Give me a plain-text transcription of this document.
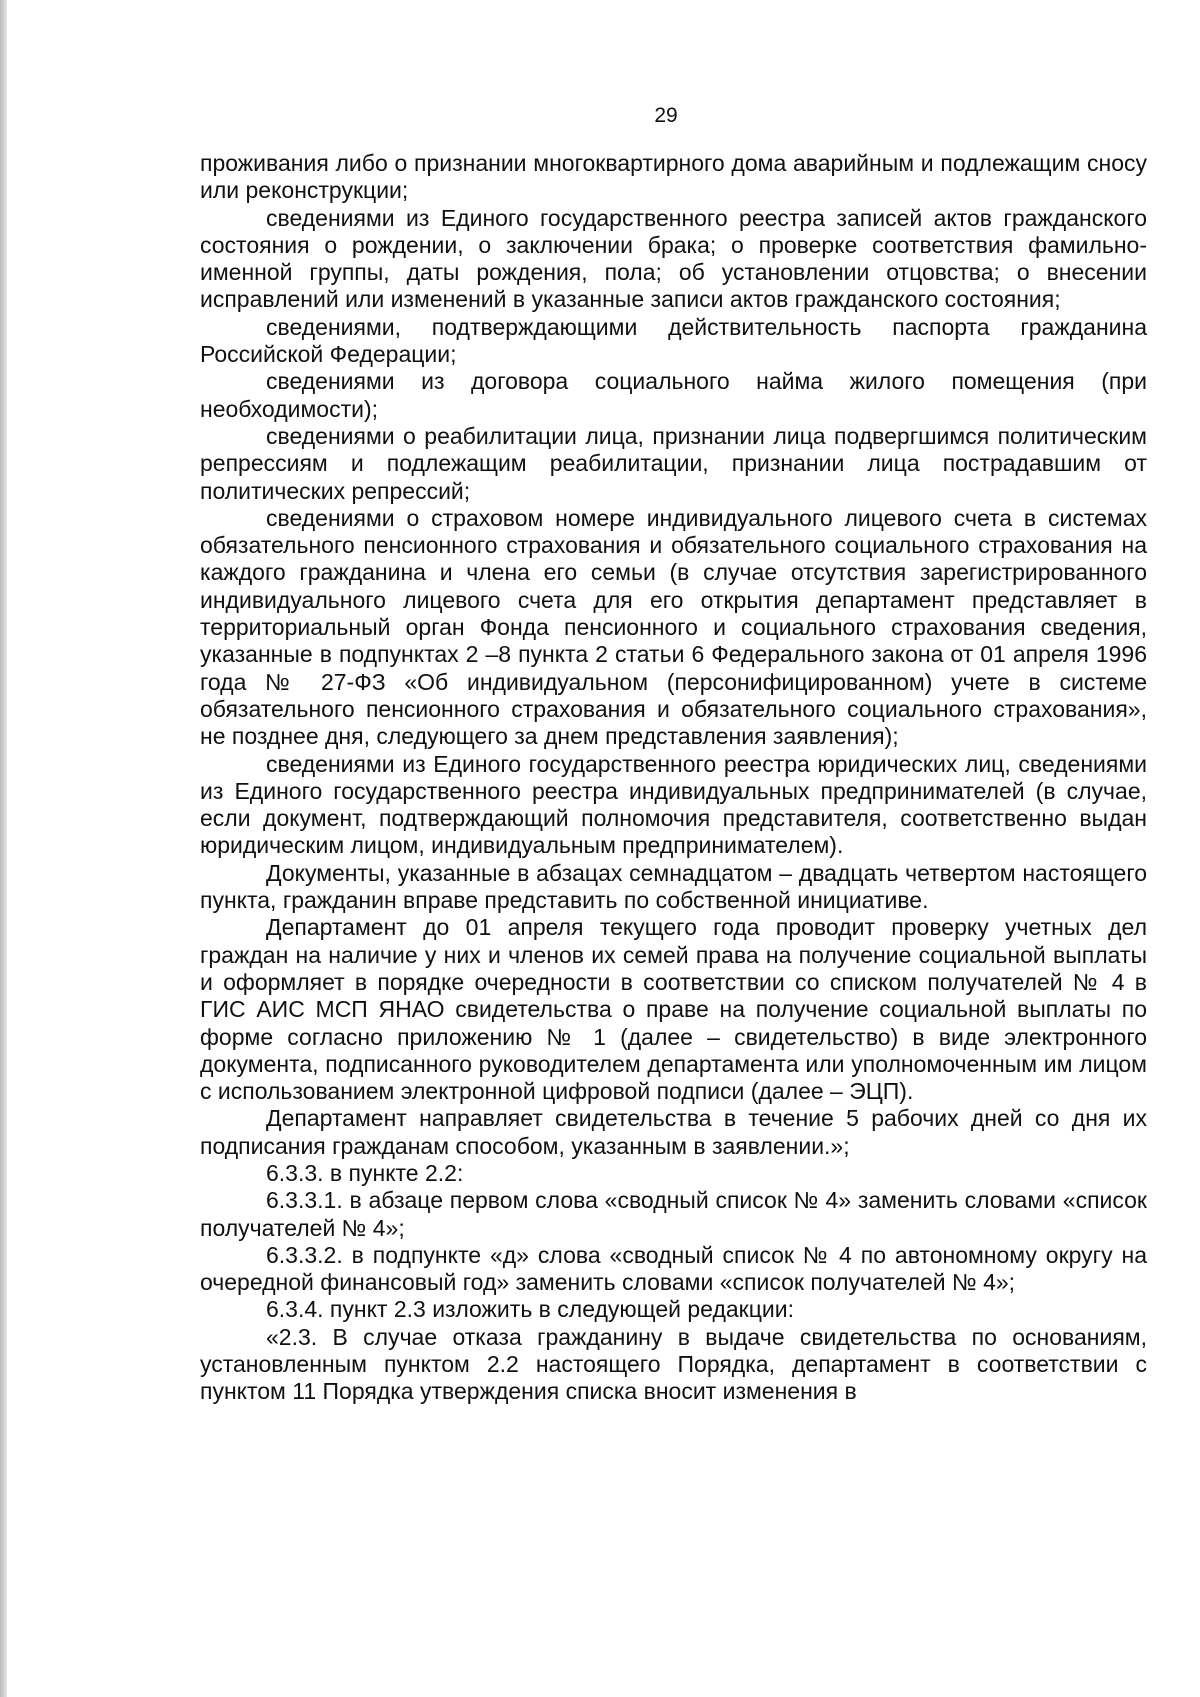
29

проживания либо о признании многоквартирного дома аварийным и подлежащим сносу или реконструкции;

сведениями из Единого государственного реестра записей актов гражданского состояния о рождении, о заключении брака; о проверке соответствия фамильно-именной группы, даты рождения, пола; об установлении отцовства; о внесении исправлений или изменений в указанные записи актов гражданского состояния;

сведениями, подтверждающими действительность паспорта гражданина Российской Федерации;

сведениями из договора социального найма жилого помещения (при необходимости);

сведениями о реабилитации лица, признании лица подвергшимся политическим репрессиям и подлежащим реабилитации, признании лица пострадавшим от политических репрессий;

сведениями о страховом номере индивидуального лицевого счета в системах обязательного пенсионного страхования и обязательного социального страхования на каждого гражданина и члена его семьи (в случае отсутствия зарегистрированного индивидуального лицевого счета для его открытия департамент представляет в территориальный орган Фонда пенсионного и социального страхования сведения, указанные в подпунктах 2 –8 пункта 2 статьи 6 Федерального закона от 01 апреля 1996 года № 27-ФЗ «Об индивидуальном (персонифицированном) учете в системе обязательного пенсионного страхования и обязательного социального страхования», не позднее дня, следующего за днем представления заявления);

сведениями из Единого государственного реестра юридических лиц, сведениями из Единого государственного реестра индивидуальных предпринимателей (в случае, если документ, подтверждающий полномочия представителя, соответственно выдан юридическим лицом, индивидуальным предпринимателем).

Документы, указанные в абзацах семнадцатом – двадцать четвертом настоящего пункта, гражданин вправе представить по собственной инициативе.

Департамент до 01 апреля текущего года проводит проверку учетных дел граждан на наличие у них и членов их семей права на получение социальной выплаты и оформляет в порядке очередности в соответствии со списком получателей № 4 в ГИС АИС МСП ЯНАО свидетельства о праве на получение социальной выплаты по форме согласно приложению № 1 (далее – свидетельство) в виде электронного документа, подписанного руководителем департамента или уполномоченным им лицом с использованием электронной цифровой подписи (далее – ЭЦП).

Департамент направляет свидетельства в течение 5 рабочих дней со дня их подписания гражданам способом, указанным в заявлении.»;

6.3.3. в пункте 2.2:

6.3.3.1. в абзаце первом слова «сводный список № 4» заменить словами «список получателей № 4»;

6.3.3.2. в подпункте «д» слова «сводный список № 4 по автономному округу на очередной финансовый год» заменить словами «список получателей № 4»;

6.3.4. пункт 2.3 изложить в следующей редакции:

«2.3. В случае отказа гражданину в выдаче свидетельства по основаниям, установленным пунктом 2.2 настоящего Порядка, департамент в соответствии с пунктом 11 Порядка утверждения списка вносит изменения в
